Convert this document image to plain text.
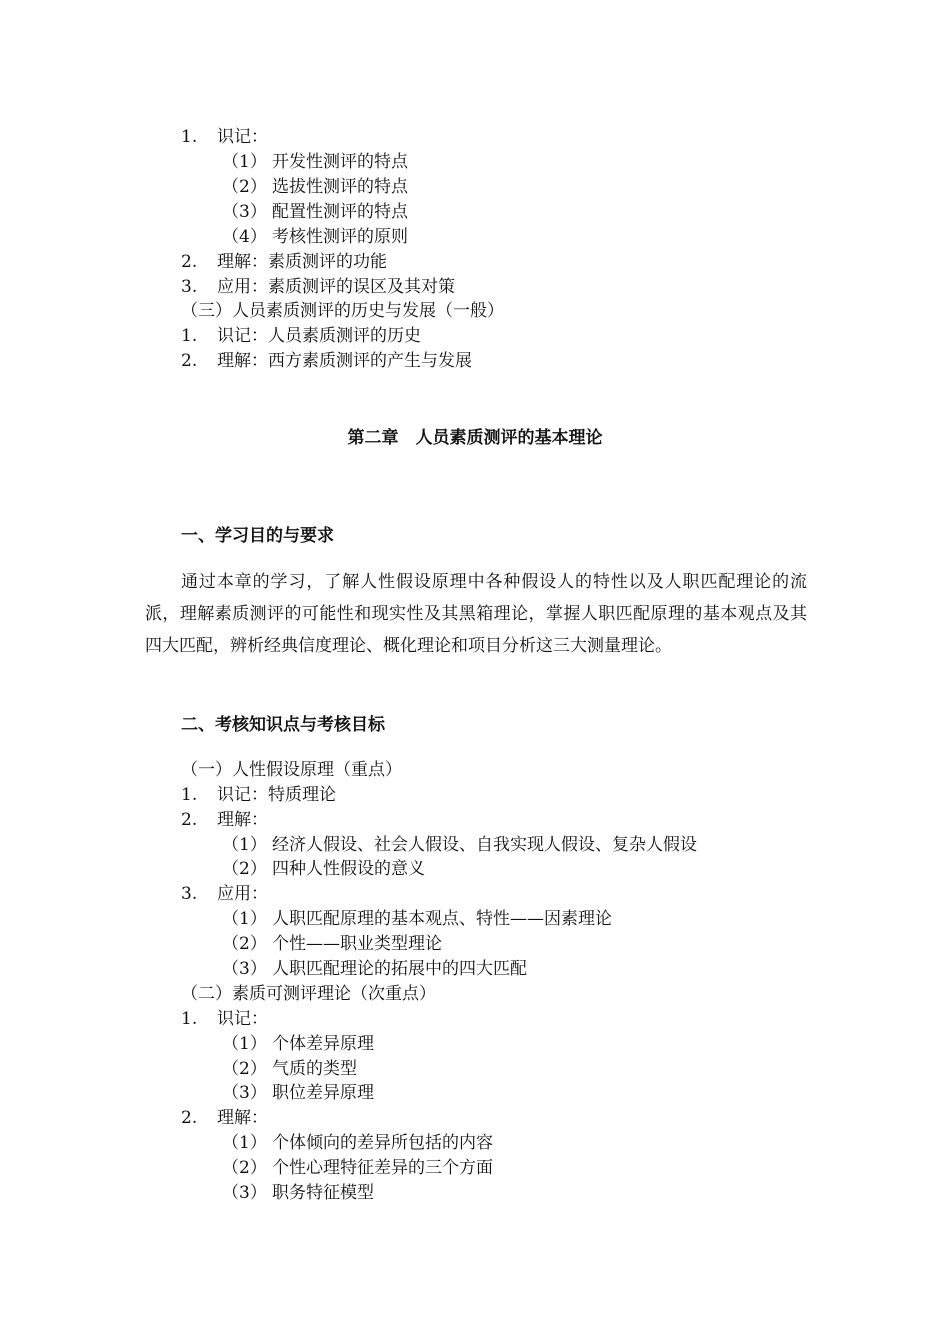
1. 识记：
（1） 开发性测评的特点
（2） 选拔性测评的特点
（3） 配置性测评的特点
（4） 考核性测评的原则
2. 理解：素质测评的功能
3. 应用：素质测评的误区及其对策
（三）人员素质测评的历史与发展（一般）
1. 识记：人员素质测评的历史
2. 理解：西方素质测评的产生与发展
第二章　人员素质测评的基本理论
一、学习目的与要求
通过本章的学习，了解人性假设原理中各种假设人的特性以及人职匹配理论的流派，理解素质测评的可能性和现实性及其黑箱理论，掌握人职匹配原理的基本观点及其四大匹配，辨析经典信度理论、概化理论和项目分析这三大测量理论。
二、考核知识点与考核目标
（一）人性假设原理（重点）
1. 识记：特质理论
2. 理解：
（1） 经济人假设、社会人假设、自我实现人假设、复杂人假设
（2） 四种人性假设的意义
3. 应用：
（1） 人职匹配原理的基本观点、特性——因素理论
（2） 个性——职业类型理论
（3） 人职匹配理论的拓展中的四大匹配
（二）素质可测评理论（次重点）
1. 识记：
（1） 个体差异原理
（2） 气质的类型
（3） 职位差异原理
2. 理解：
（1） 个体倾向的差异所包括的内容
（2） 个性心理特征差异的三个方面
（3） 职务特征模型
